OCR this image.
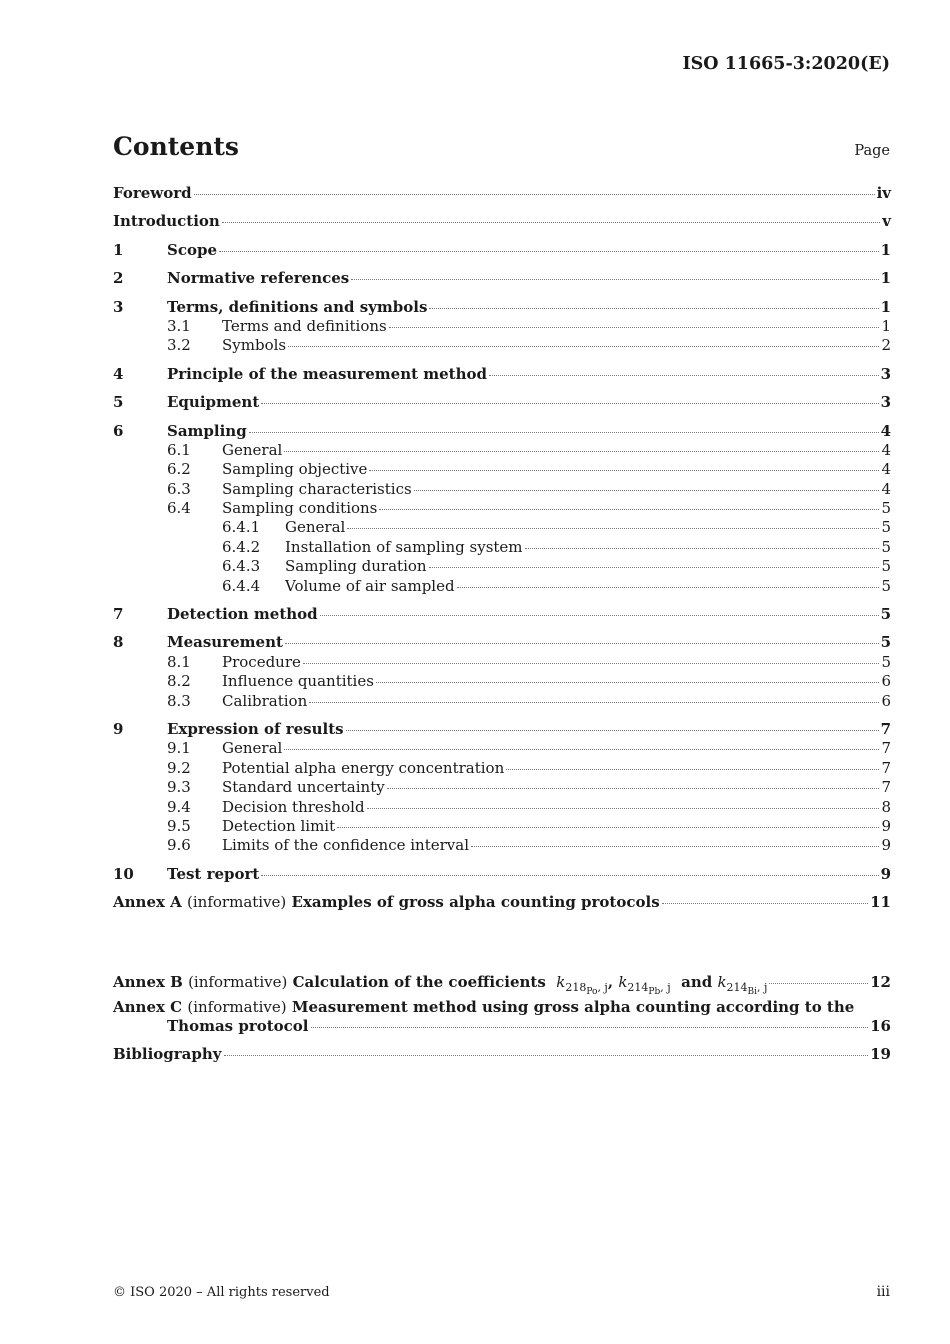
ISO 11665-3:2020(E)
Contents	Page
Foreword	iv
Introduction	v
1	Scope	1
2	Normative references	1
3	Terms, definitions and symbols	1
3.1	Terms and definitions	1
3.2	Symbols	2
4	Principle of the measurement method	3
5	Equipment	3
6	Sampling	4
6.1	General	4
6.2	Sampling objective	4
6.3	Sampling characteristics	4
6.4	Sampling conditions	5
6.4.1	General	5
6.4.2	Installation of sampling system	5
6.4.3	Sampling duration	5
6.4.4	Volume of air sampled	5
7	Detection method	5
8	Measurement	5
8.1	Procedure	5
8.2	Influence quantities	6
8.3	Calibration	6
9	Expression of results	7
9.1	General	7
9.2	Potential alpha energy concentration	7
9.3	Standard uncertainty	7
9.4	Decision threshold	8
9.5	Detection limit	9
9.6	Limits of the confidence interval	9
10	Test report	9
Annex A (informative) Examples of gross alpha counting protocols	11
Annex B (informative) Calculation of the coefficients $k_{218_{Po}, j}$, $k_{214_{Pb}, j}$ and $k_{214_{Bi}, j}$	12
Annex C (informative) Measurement method using gross alpha counting according to the
Thomas protocol	16
Bibliography	19
© ISO 2020 – All rights reserved	iii
